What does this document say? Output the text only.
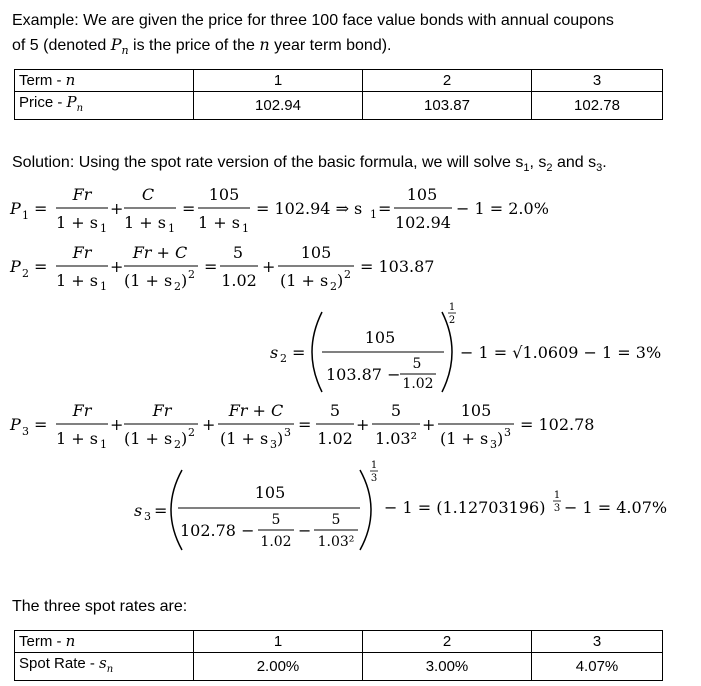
Example: We are given the price for three 100 face value bonds with annual coupons
of 5 (denoted $P_n$ is the price of the n year term bond).
Term - n	1	2	3
Price - $P_n$	102.94	103.87	102.78
Solution: Using the spot rate version of the basic formula, we will solve $s_1$, $s_2$ and $s_3$.
P 1 =
Fr
1 + s 1
+
C
1 + s 1
=
105
1 + s 1
= 102.94 ⇒ s 1 =
105
102.94
− 1 = 2.0%
P 2 =
Fr
1 + s 1
+
Fr + C
(1 + s 2 ) 2 =
5
1.02
+
105
(1 + s 2 ) 2 = 103.87
s 2 =
105
103.87 −
5
1.02
1
2
− 1 = √1.0609 − 1 = 3%
P 3 =
Fr
1 + s 1
+
Fr
(1 + s 2 ) 2 +
Fr + C
(1 + s 3 ) 3 =
5
1.02
+
5
1.03²
+
105
(1 + s 3 ) 3 = 102.78
s 3 =
105
102.78 −
5
1.02
−
5
1.03²
1
3
− 1 = (1.12703196)
1
3 − 1 = 4.07%
The three spot rates are:
Term - n	1	2	3
Spot Rate - $s_n$	2.00%	3.00%	4.07%
